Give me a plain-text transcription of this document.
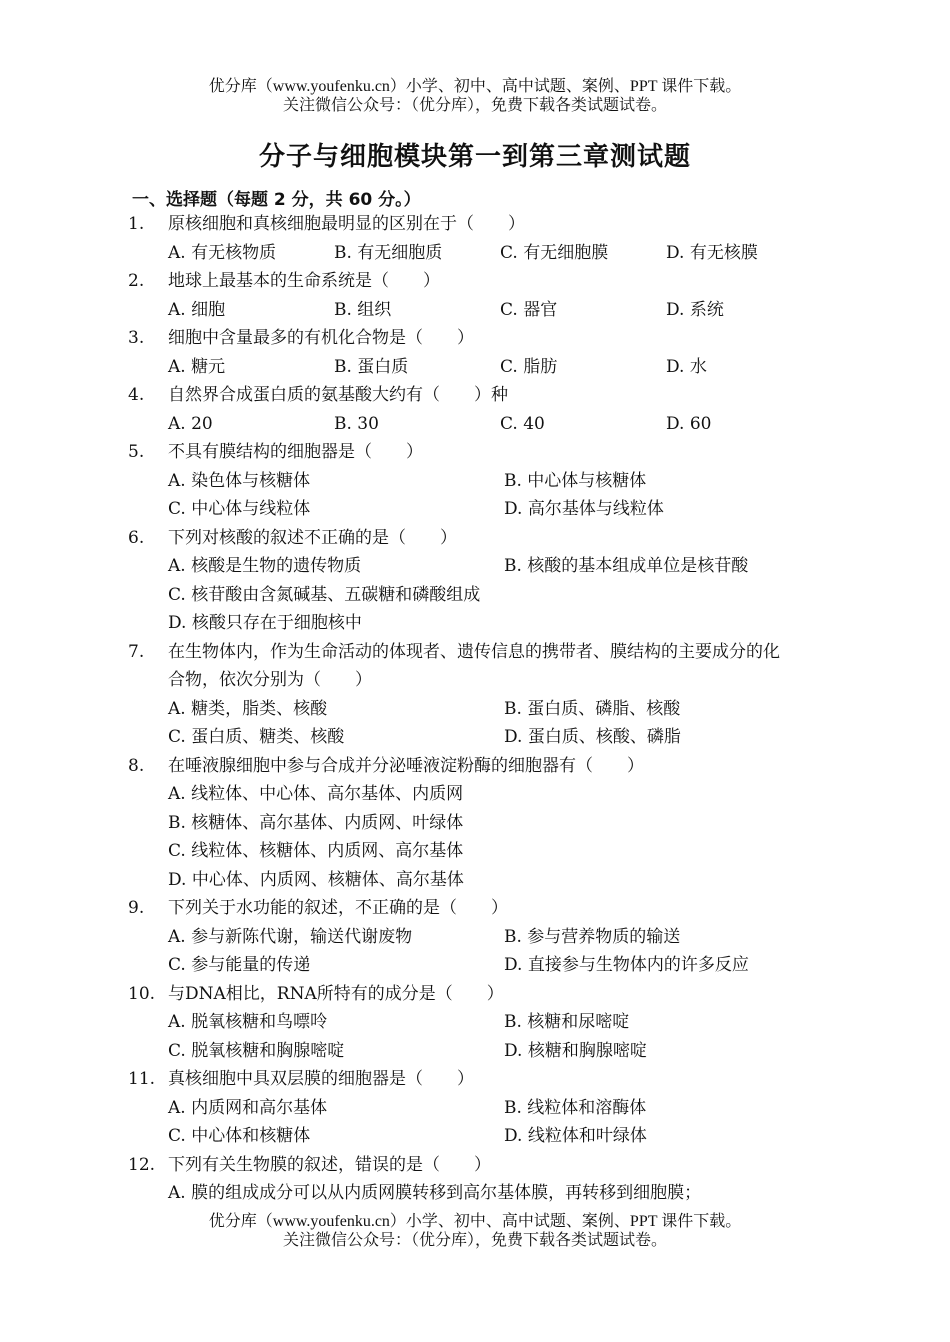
优分库（www.youfenku.cn）小学、初中、高中试题、案例、PPT 课件下载。
关注微信公众号：（优分库），免费下载各类试题试卷。
分子与细胞模块第一到第三章测试题
一、选择题（每题 2 分，共 60 分。）
1. 原核细胞和真核细胞最明显的区别在于（　　）
A. 有无核物质	B. 有无细胞质	C. 有无细胞膜	D. 有无核膜
2. 地球上最基本的生命系统是（　　）
A. 细胞	B. 组织	C. 器官	D. 系统
3. 细胞中含量最多的有机化合物是（　　）
A. 糖元	B. 蛋白质	C. 脂肪	D. 水
4. 自然界合成蛋白质的氨基酸大约有（　　）种
A. 20	B. 30	C. 40	D. 60
5. 不具有膜结构的细胞器是（　　）
A. 染色体与核糖体	B. 中心体与核糖体
C. 中心体与线粒体	D. 高尔基体与线粒体
6. 下列对核酸的叙述不正确的是（　　）
A. 核酸是生物的遗传物质	B. 核酸的基本组成单位是核苷酸
C. 核苷酸由含氮碱基、五碳糖和磷酸组成
D. 核酸只存在于细胞核中
7. 在生物体内，作为生命活动的体现者、遗传信息的携带者、膜结构的主要成分的化
合物，依次分别为（　　）
A. 糖类，脂类、核酸	B. 蛋白质、磷脂、核酸
C. 蛋白质、糖类、核酸	D. 蛋白质、核酸、磷脂
8. 在唾液腺细胞中参与合成并分泌唾液淀粉酶的细胞器有（　　）
A. 线粒体、中心体、高尔基体、内质网
B. 核糖体、高尔基体、内质网、叶绿体
C. 线粒体、核糖体、内质网、高尔基体
D. 中心体、内质网、核糖体、高尔基体
9. 下列关于水功能的叙述，不正确的是（　　）
A. 参与新陈代谢，输送代谢废物	B. 参与营养物质的输送
C. 参与能量的传递	D. 直接参与生物体内的许多反应
10. 与DNA相比，RNA所特有的成分是（　　）
A. 脱氧核糖和鸟嘌呤	B. 核糖和尿嘧啶
C. 脱氧核糖和胸腺嘧啶	D. 核糖和胸腺嘧啶
11. 真核细胞中具双层膜的细胞器是（　　）
A. 内质网和高尔基体	B. 线粒体和溶酶体
C. 中心体和核糖体	D. 线粒体和叶绿体
12. 下列有关生物膜的叙述，错误的是（　　）
A. 膜的组成成分可以从内质网膜转移到高尔基体膜，再转移到细胞膜；
优分库（www.youfenku.cn）小学、初中、高中试题、案例、PPT 课件下载。
关注微信公众号：（优分库），免费下载各类试题试卷。
